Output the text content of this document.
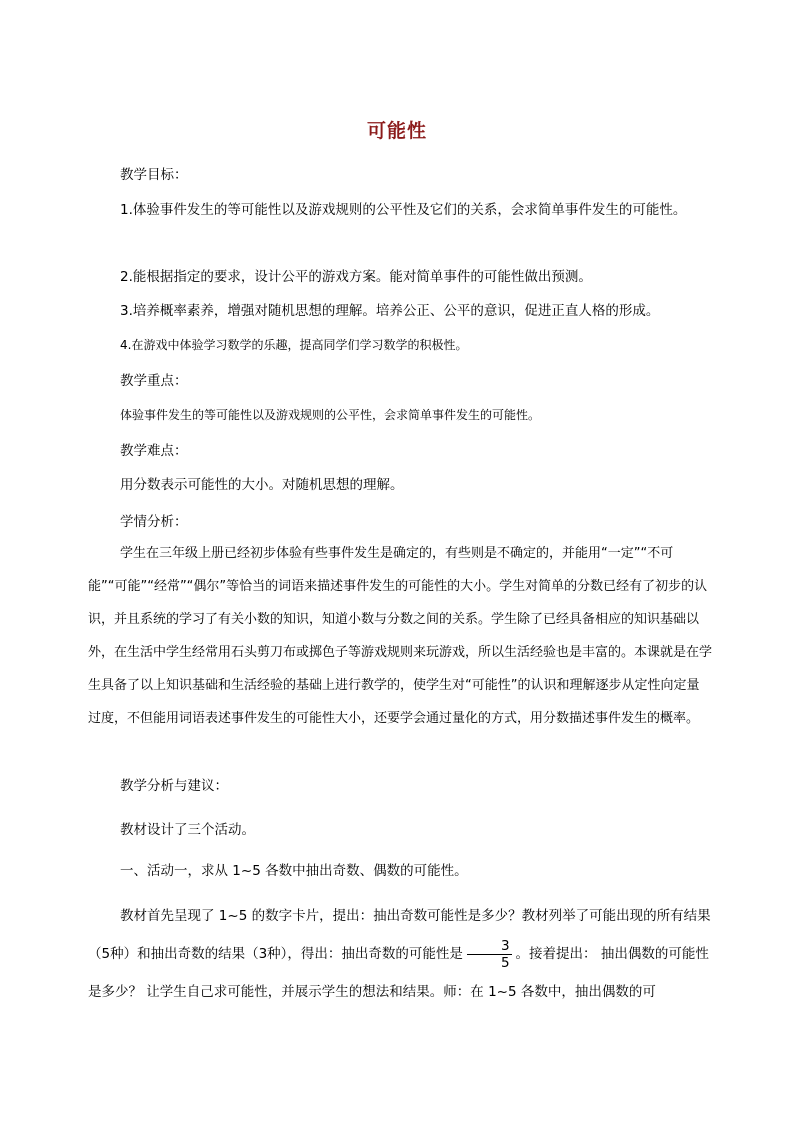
可能性

教学目标：

1.体验事件发生的等可能性以及游戏规则的公平性及它们的关系，会求简单事件发生的可能性。

2.能根据指定的要求，设计公平的游戏方案。能对简单事件的可能性做出预测。

3.培养概率素养，增强对随机思想的理解。培养公正、公平的意识，促进正直人格的形成。

4.在游戏中体验学习数学的乐趣，提高同学们学习数学的积极性。

教学重点：

体验事件发生的等可能性以及游戏规则的公平性，会求简单事件发生的可能性。

教学难点：

用分数表示可能性的大小。对随机思想的理解。

学情分析：

学生在三年级上册已经初步体验有些事件发生是确定的，有些则是不确定的，并能用“一定”“不可能”“可能”“经常”“偶尔”等恰当的词语来描述事件发生的可能性的大小。学生对简单的分数已经有了初步的认识，并且系统的学习了有关小数的知识，知道小数与分数之间的关系。学生除了已经具备相应的知识基础以外，在生活中学生经常用石头剪刀布或掷色子等游戏规则来玩游戏，所以生活经验也是丰富的。本课就是在学生具备了以上知识基础和生活经验的基础上进行教学的，使学生对“可能性”的认识和理解逐步从定性向定量过度，不但能用词语表述事件发生的可能性大小，还要学会通过量化的方式，用分数描述事件发生的概率。

教学分析与建议：

教材设计了三个活动。

一、活动一，求从 1~5 各数中抽出奇数、偶数的可能性。

教材首先呈现了 1~5 的数字卡片，提出：抽出奇数可能性是多少？教材列举了可能出现的所有结果（5种）和抽出奇数的结果（3种），得出：抽出奇数的可能性是 $\frac{3}{5}$ 。接着提出： 抽出偶数的可能性是多少？ 让学生自己求可能性，并展示学生的想法和结果。师：在 1~5 各数中，抽出偶数的可
